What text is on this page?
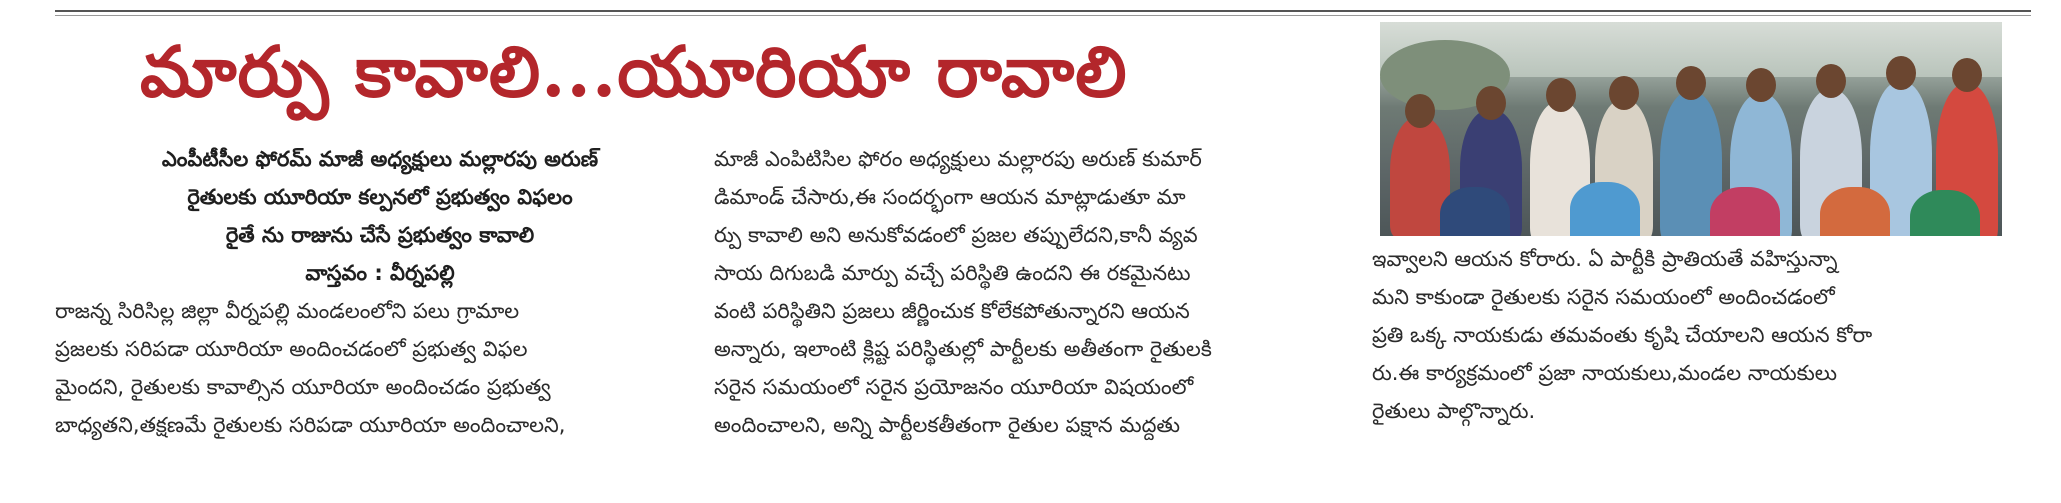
మార్పు కావాలి...యూరియా రావాలి

ఎంపీటీసీల ఫోరమ్ మాజీ అధ్యక్షులు మల్లారపు అరుణ్

రైతులకు యూరియా కల్పనలో ప్రభుత్వం విఫలం

రైతే ను రాజును చేసే ప్రభుత్వం కావాలి

వాస్తవం : వీర్నపల్లి

రాజన్న సిరిసిల్ల జిల్లా వీర్నపల్లి మండలంలోని పలు గ్రామాల

ప్రజలకు సరిపడా యూరియా అందించడంలో ప్రభుత్వ విఫల

మైందని, రైతులకు కావాల్సిన యూరియా అందించడం ప్రభుత్వ

బాధ్యతని,తక్షణమే రైతులకు సరిపడా యూరియా అందించాలని,

మాజీ ఎంపిటిసిల ఫోరం అధ్యక్షులు మల్లారపు అరుణ్ కుమార్

డిమాండ్ చేసారు,ఈ సందర్భంగా ఆయన మాట్లాడుతూ మా

ర్పు కావాలి అని అనుకోవడంలో ప్రజల తప్పులేదని,కానీ వ్యవ

సాయ దిగుబడి మార్పు వచ్చే పరిస్థితి ఉందని ఈ రకమైనటు

వంటి పరిస్థితిని ప్రజలు జీర్ణించుక కోలేకపోతున్నారని ఆయన

అన్నారు, ఇలాంటి క్లిష్ట పరిస్థితుల్లో పార్టీలకు అతీతంగా రైతులకి

సరైన సమయంలో సరైన ప్రయోజనం యూరియా విషయంలో

అందించాలని, అన్ని పార్టీలకతీతంగా రైతుల పక్షాన మద్దతు

ఇవ్వాలని ఆయన కోరారు. ఏ పార్టీకి ప్రాతియతే వహిస్తున్నా

మని కాకుండా రైతులకు సరైన సమయంలో అందించడంలో

ప్రతి ఒక్క నాయకుడు తమవంతు కృషి చేయాలని ఆయన కోరా

రు.ఈ కార్యక్రమంలో ప్రజా నాయకులు,మండల నాయకులు

రైతులు పాల్గొన్నారు.
